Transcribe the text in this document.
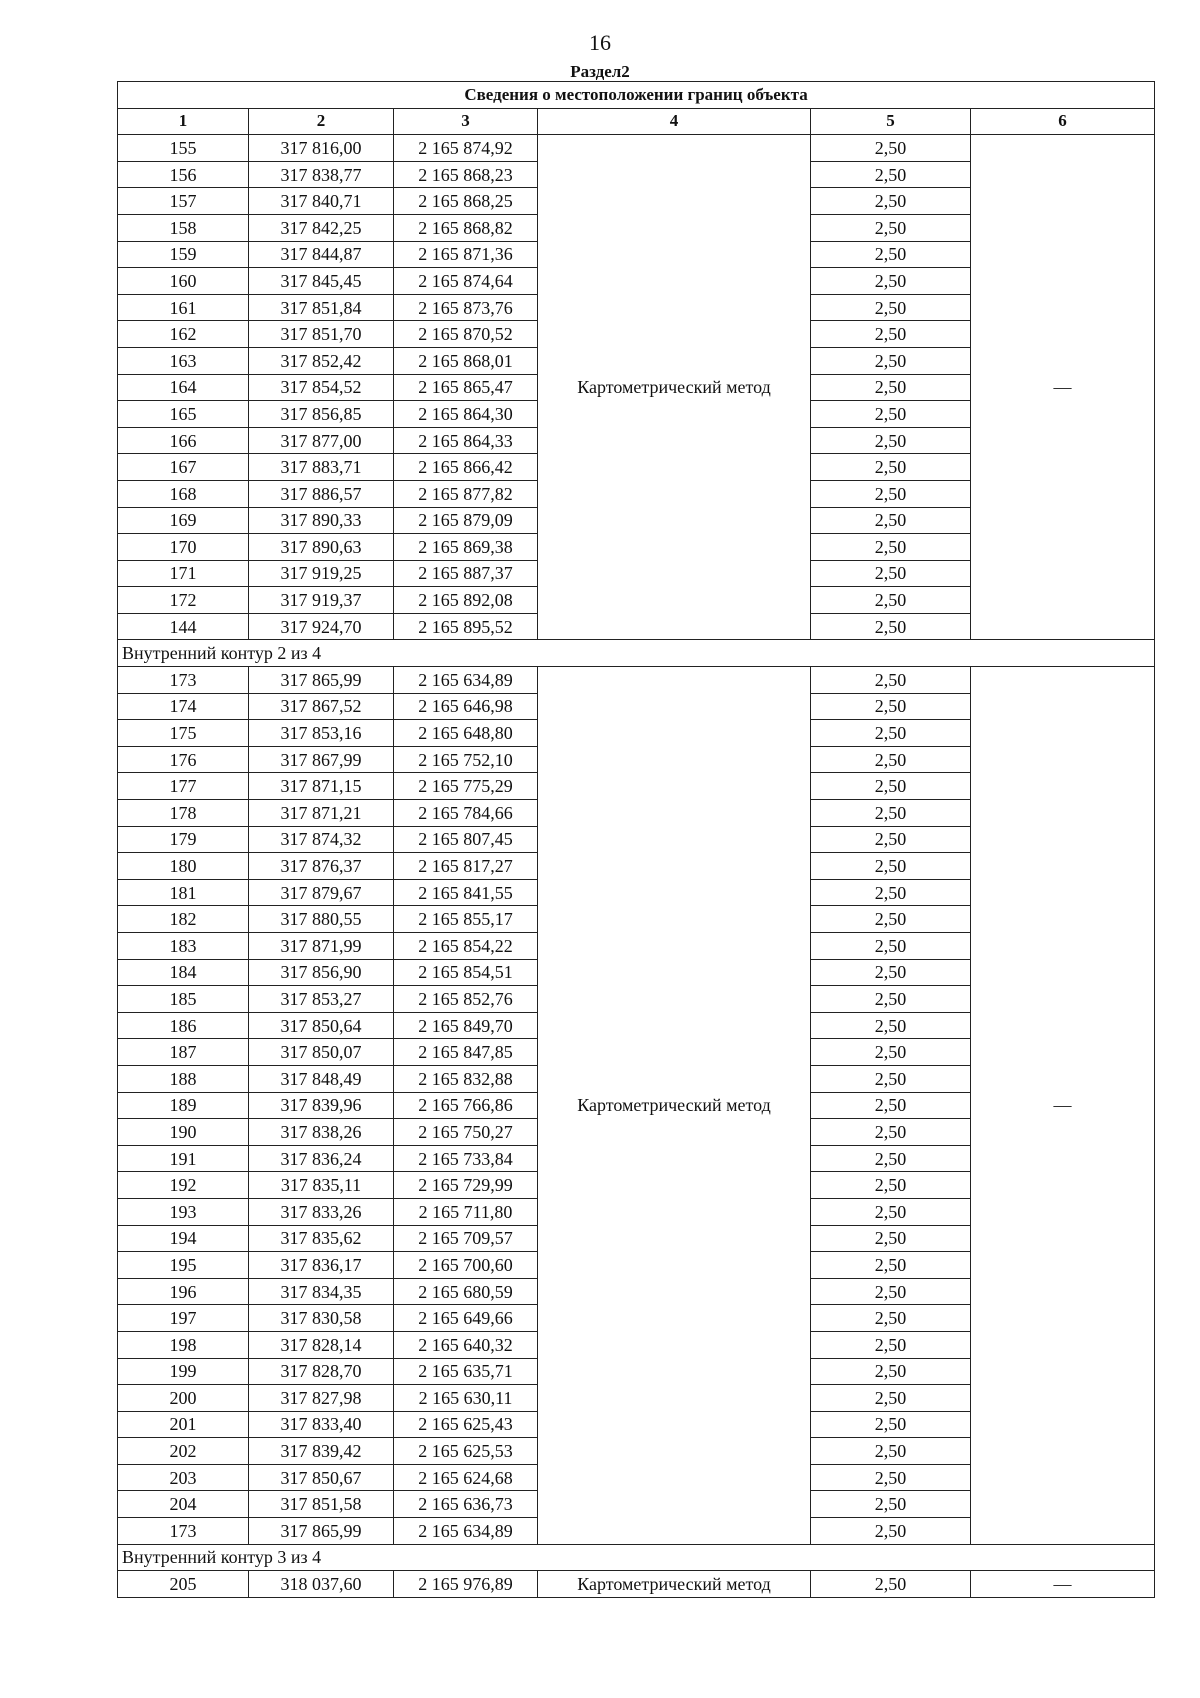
16
Раздел2
Сведения о местоположении границ объекта					
1	2	3	4	5	6
155	317 816,00	2 165 874,92	Картометрический метод	2,50	—
156	317 838,77	2 165 868,23		2,50	
157	317 840,71	2 165 868,25		2,50	
158	317 842,25	2 165 868,82		2,50	
159	317 844,87	2 165 871,36		2,50	
160	317 845,45	2 165 874,64		2,50	
161	317 851,84	2 165 873,76		2,50	
162	317 851,70	2 165 870,52		2,50	
163	317 852,42	2 165 868,01		2,50	
164	317 854,52	2 165 865,47		2,50	
165	317 856,85	2 165 864,30		2,50	
166	317 877,00	2 165 864,33		2,50	
167	317 883,71	2 165 866,42		2,50	
168	317 886,57	2 165 877,82		2,50	
169	317 890,33	2 165 879,09		2,50	
170	317 890,63	2 165 869,38		2,50	
171	317 919,25	2 165 887,37		2,50	
172	317 919,37	2 165 892,08		2,50	
144	317 924,70	2 165 895,52		2,50	
Внутренний контур 2 из 4					
173	317 865,99	2 165 634,89	Картометрический метод	2,50	—
174	317 867,52	2 165 646,98		2,50	
175	317 853,16	2 165 648,80		2,50	
176	317 867,99	2 165 752,10		2,50	
177	317 871,15	2 165 775,29		2,50	
178	317 871,21	2 165 784,66		2,50	
179	317 874,32	2 165 807,45		2,50	
180	317 876,37	2 165 817,27		2,50	
181	317 879,67	2 165 841,55		2,50	
182	317 880,55	2 165 855,17		2,50	
183	317 871,99	2 165 854,22		2,50	
184	317 856,90	2 165 854,51		2,50	
185	317 853,27	2 165 852,76		2,50	
186	317 850,64	2 165 849,70		2,50	
187	317 850,07	2 165 847,85		2,50	
188	317 848,49	2 165 832,88		2,50	
189	317 839,96	2 165 766,86		2,50	
190	317 838,26	2 165 750,27		2,50	
191	317 836,24	2 165 733,84		2,50	
192	317 835,11	2 165 729,99		2,50	
193	317 833,26	2 165 711,80		2,50	
194	317 835,62	2 165 709,57		2,50	
195	317 836,17	2 165 700,60		2,50	
196	317 834,35	2 165 680,59		2,50	
197	317 830,58	2 165 649,66		2,50	
198	317 828,14	2 165 640,32		2,50	
199	317 828,70	2 165 635,71		2,50	
200	317 827,98	2 165 630,11		2,50	
201	317 833,40	2 165 625,43		2,50	
202	317 839,42	2 165 625,53		2,50	
203	317 850,67	2 165 624,68		2,50	
204	317 851,58	2 165 636,73		2,50	
173	317 865,99	2 165 634,89		2,50	
Внутренний контур 3 из 4					
205	318 037,60	2 165 976,89	Картометрический метод	2,50	—
